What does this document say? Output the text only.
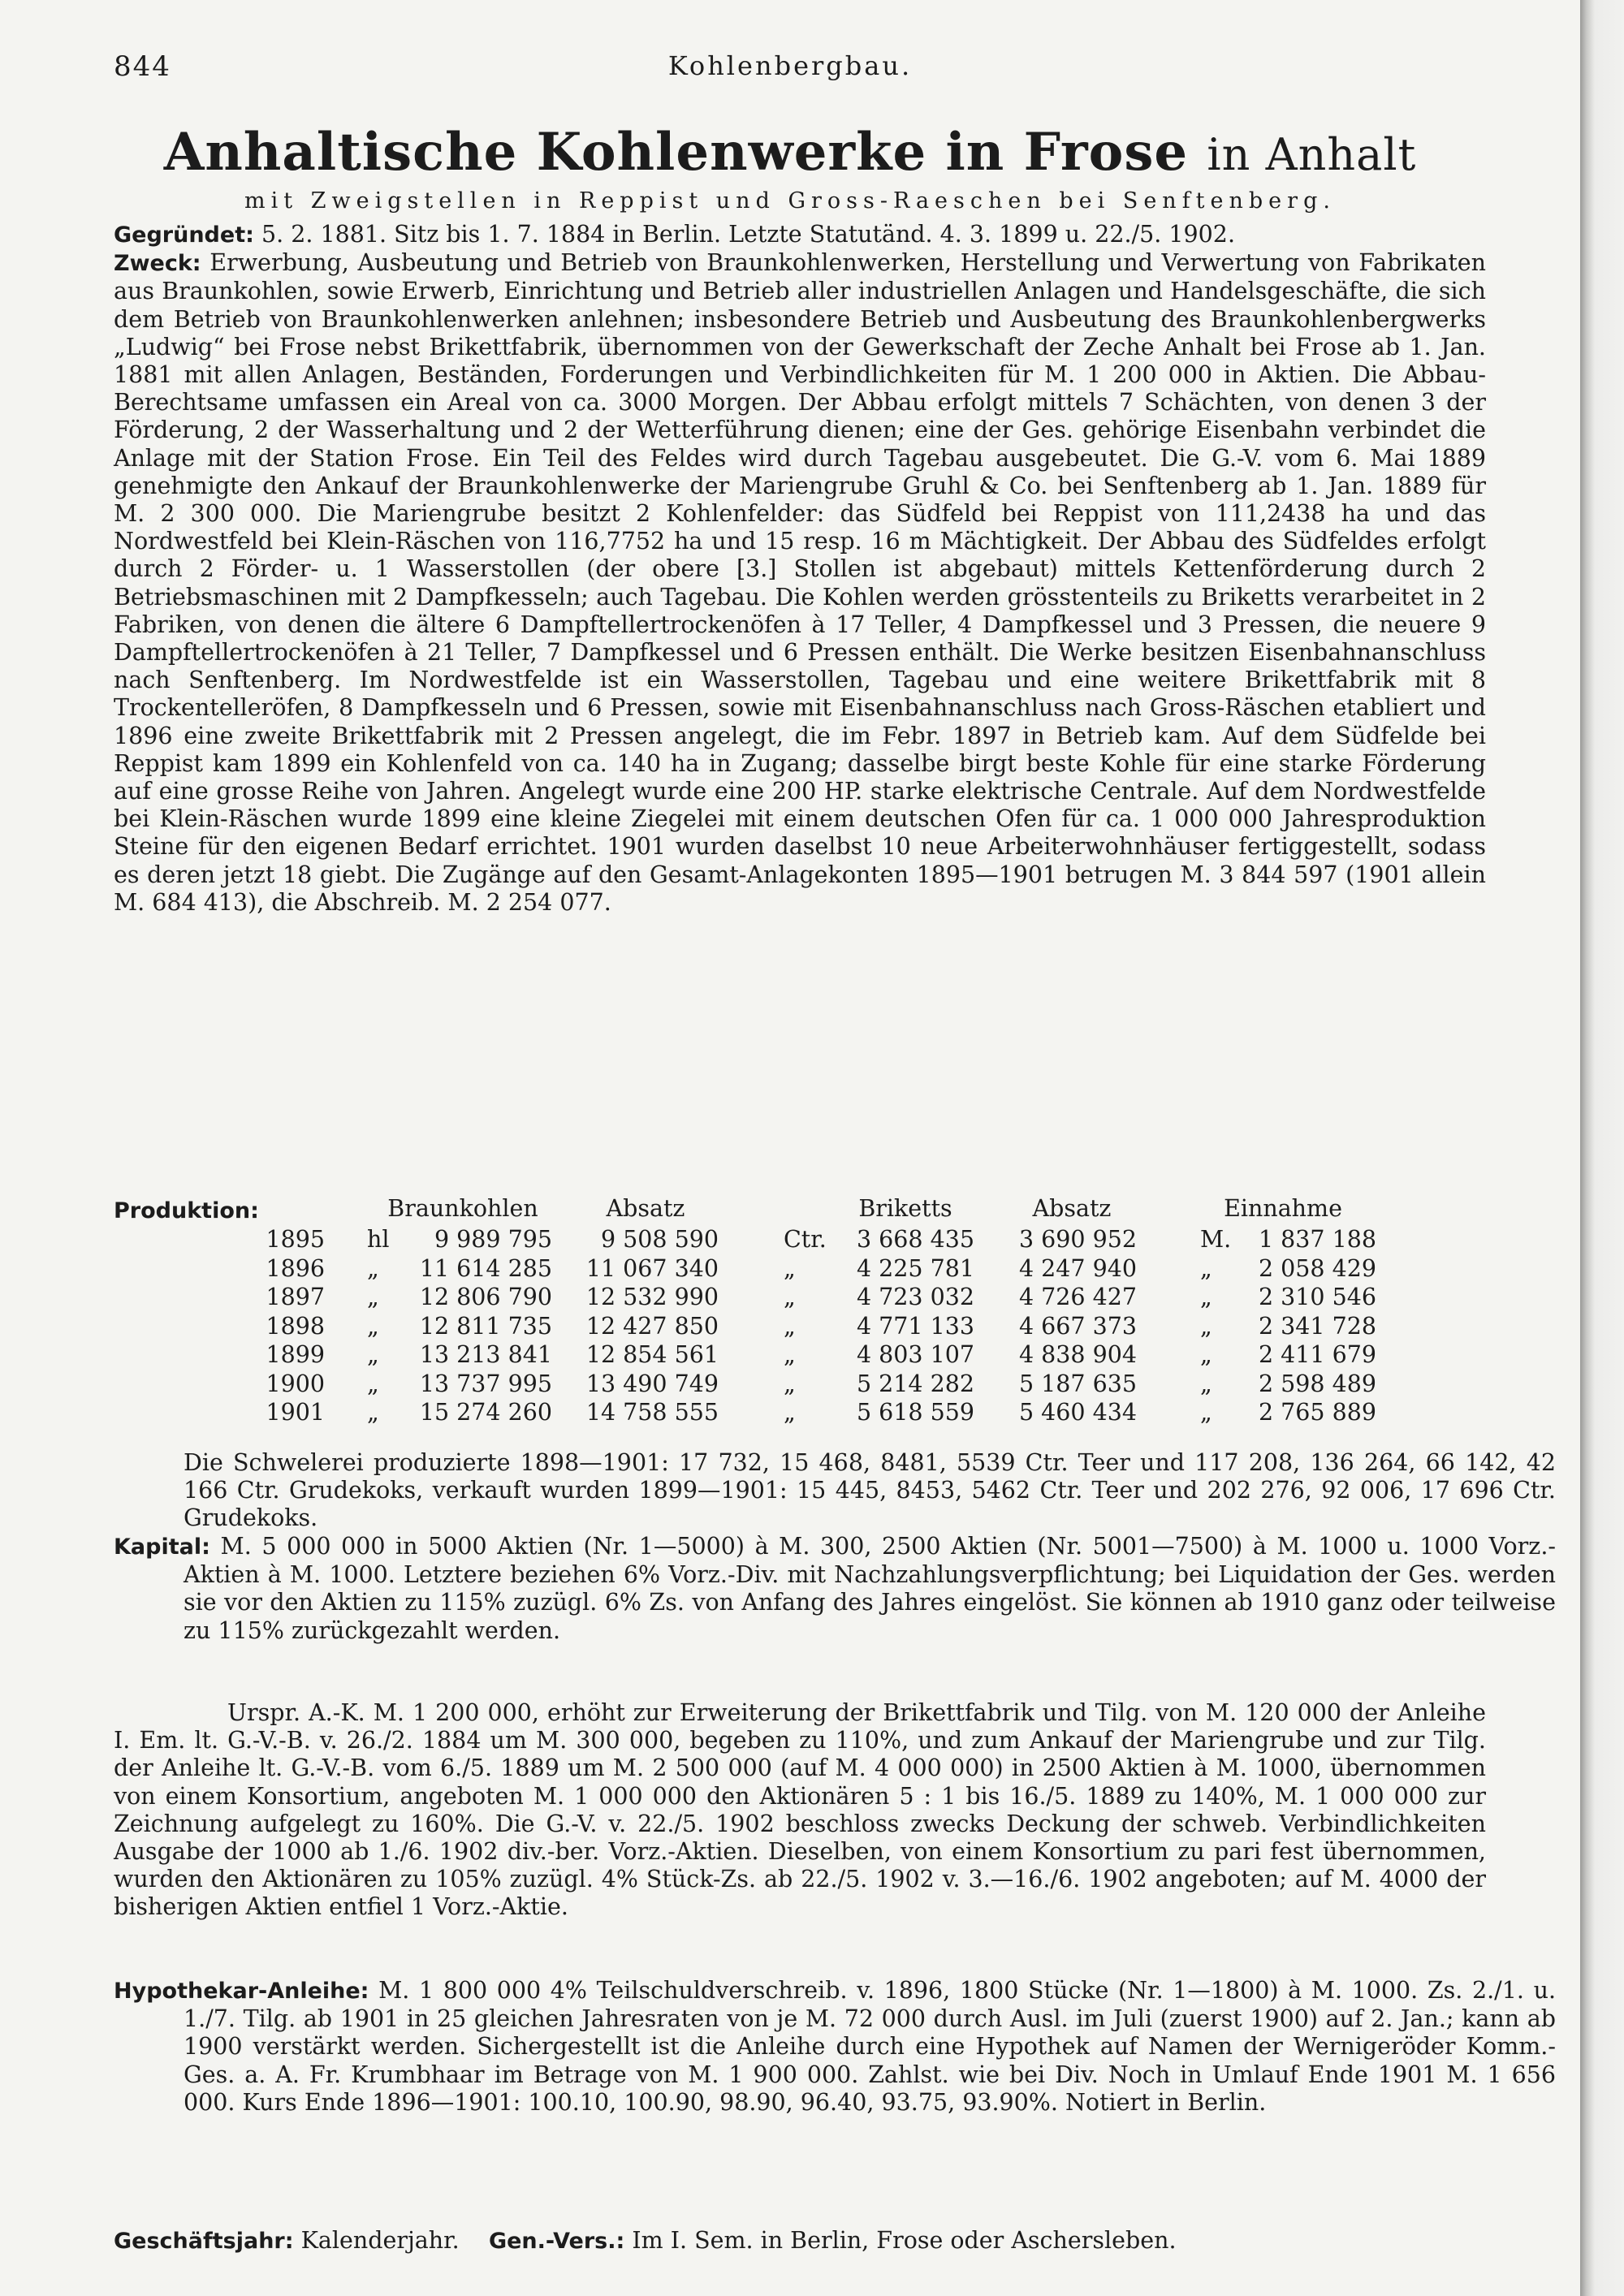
844	Kohlenbergbau.
Anhaltische Kohlenwerke in Frose in Anhalt
mit Zweigstellen in Reppist und Gross-Raeschen bei Senftenberg.

Gegründet: 5. 2. 1881. Sitz bis 1. 7. 1884 in Berlin. Letzte Statutänd. 4. 3. 1899 u. 22./5. 1902.
Zweck: Erwerbung, Ausbeutung und Betrieb von Braunkohlenwerken, Herstellung und Verwertung von Fabrikaten aus Braunkohlen, sowie Erwerb, Einrichtung und Betrieb aller industriellen Anlagen und Handelsgeschäfte, die sich dem Betrieb von Braunkohlenwerken anlehnen; insbesondere Betrieb und Ausbeutung des Braunkohlenbergwerks „Ludwig“ bei Frose nebst Brikettfabrik, übernommen von der Gewerkschaft der Zeche Anhalt bei Frose ab 1. Jan. 1881 mit allen Anlagen, Beständen, Forderungen und Verbindlichkeiten für M. 1 200 000 in Aktien. Die Abbau-Berechtsame umfassen ein Areal von ca. 3000 Morgen. Der Abbau erfolgt mittels 7 Schächten, von denen 3 der Förderung, 2 der Wasserhaltung und 2 der Wetterführung dienen; eine der Ges. gehörige Eisenbahn verbindet die Anlage mit der Station Frose. Ein Teil des Feldes wird durch Tagebau ausgebeutet. Die G.-V. vom 6. Mai 1889 genehmigte den Ankauf der Braunkohlenwerke der Mariengrube Gruhl & Co. bei Senftenberg ab 1. Jan. 1889 für M. 2 300 000. Die Mariengrube besitzt 2 Kohlenfelder: das Südfeld bei Reppist von 111,2438 ha und das Nordwestfeld bei Klein-Räschen von 116,7752 ha und 15 resp. 16 m Mächtigkeit. Der Abbau des Südfeldes erfolgt durch 2 Förder- u. 1 Wasserstollen (der obere [3.] Stollen ist abgebaut) mittels Kettenförderung durch 2 Betriebsmaschinen mit 2 Dampfkesseln; auch Tagebau. Die Kohlen werden grösstenteils zu Briketts verarbeitet in 2 Fabriken, von denen die ältere 6 Dampftellertrockenöfen à 17 Teller, 4 Dampfkessel und 3 Pressen, die neuere 9 Dampftellertrockenöfen à 21 Teller, 7 Dampfkessel und 6 Pressen enthält. Die Werke besitzen Eisenbahnanschluss nach Senftenberg. Im Nordwestfelde ist ein Wasserstollen, Tagebau und eine weitere Brikettfabrik mit 8 Trockentelleröfen, 8 Dampfkesseln und 6 Pressen, sowie mit Eisenbahnanschluss nach Gross-Räschen etabliert und 1896 eine zweite Brikettfabrik mit 2 Pressen angelegt, die im Febr. 1897 in Betrieb kam. Auf dem Südfelde bei Reppist kam 1899 ein Kohlenfeld von ca. 140 ha in Zugang; dasselbe birgt beste Kohle für eine starke Förderung auf eine grosse Reihe von Jahren. Angelegt wurde eine 200 HP. starke elektrische Centrale. Auf dem Nordwestfelde bei Klein-Räschen wurde 1899 eine kleine Ziegelei mit einem deutschen Ofen für ca. 1 000 000 Jahresproduktion Steine für den eigenen Bedarf errichtet. 1901 wurden daselbst 10 neue Arbeiterwohnhäuser fertiggestellt, sodass es deren jetzt 18 giebt. Die Zugänge auf den Gesamt-Anlagekonten 1895—1901 betrugen M. 3 844 597 (1901 allein M. 684 413), die Abschreib. M. 2 254 077.

Produktion:	Braunkohlen	Absatz	Briketts	Absatz	Einnahme
1895 hl	9 989 795	9 508 590	Ctr.	3 668 435	3 690 952	M.	1 837 188
1896 „	11 614 285	11 067 340	„	4 225 781	4 247 940	„	2 058 429
1897 „	12 806 790	12 532 990	„	4 723 032	4 726 427	„	2 310 546
1898 „	12 811 735	12 427 850	„	4 771 133	4 667 373	„	2 341 728
1899 „	13 213 841	12 854 561	„	4 803 107	4 838 904	„	2 411 679
1900 „	13 737 995	13 490 749	„	5 214 282	5 187 635	„	2 598 489
1901 „	15 274 260	14 758 555	„	5 618 559	5 460 434	„	2 765 889

Die Schwelerei produzierte 1898—1901: 17 732, 15 468, 8481, 5539 Ctr. Teer und 117 208, 136 264, 66 142, 42 166 Ctr. Grudekoks, verkauft wurden 1899—1901: 15 445, 8453, 5462 Ctr. Teer und 202 276, 92 006, 17 696 Ctr. Grudekoks.

Kapital: M. 5 000 000 in 5000 Aktien (Nr. 1—5000) à M. 300, 2500 Aktien (Nr. 5001—7500) à M. 1000 u. 1000 Vorz.-Aktien à M. 1000. Letztere beziehen 6% Vorz.-Div. mit Nachzahlungsverpflichtung; bei Liquidation der Ges. werden sie vor den Aktien zu 115% zuzügl. 6% Zs. von Anfang des Jahres eingelöst. Sie können ab 1910 ganz oder teilweise zu 115% zurückgezahlt werden.

Urspr. A.-K. M. 1 200 000, erhöht zur Erweiterung der Brikettfabrik und Tilg. von M. 120 000 der Anleihe I. Em. lt. G.-V.-B. v. 26./2. 1884 um M. 300 000, begeben zu 110%, und zum Ankauf der Mariengrube und zur Tilg. der Anleihe lt. G.-V.-B. vom 6./5. 1889 um M. 2 500 000 (auf M. 4 000 000) in 2500 Aktien à M. 1000, übernommen von einem Konsortium, angeboten M. 1 000 000 den Aktionären 5 : 1 bis 16./5. 1889 zu 140%, M. 1 000 000 zur Zeichnung aufgelegt zu 160%. Die G.-V. v. 22./5. 1902 beschloss zwecks Deckung der schweb. Verbindlichkeiten Ausgabe der 1000 ab 1./6. 1902 div.-ber. Vorz.-Aktien. Dieselben, von einem Konsortium zu pari fest übernommen, wurden den Aktionären zu 105% zuzügl. 4% Stück-Zs. ab 22./5. 1902 v. 3.—16./6. 1902 angeboten; auf M. 4000 der bisherigen Aktien entfiel 1 Vorz.-Aktie.

Hypothekar-Anleihe: M. 1 800 000 4% Teilschuldverschreib. v. 1896, 1800 Stücke (Nr. 1—1800) à M. 1000. Zs. 2./1. u. 1./7. Tilg. ab 1901 in 25 gleichen Jahresraten von je M. 72 000 durch Ausl. im Juli (zuerst 1900) auf 2. Jan.; kann ab 1900 verstärkt werden. Sichergestellt ist die Anleihe durch eine Hypothek auf Namen der Wernigeröder Komm.-Ges. a. A. Fr. Krumbhaar im Betrage von M. 1 900 000. Zahlst. wie bei Div. Noch in Umlauf Ende 1901 M. 1 656 000. Kurs Ende 1896—1901: 100.10, 100.90, 98.90, 96.40, 93.75, 93.90%. Notiert in Berlin.

Geschäftsjahr: Kalenderjahr. Gen.-Vers.: Im I. Sem. in Berlin, Frose oder Aschersleben.
